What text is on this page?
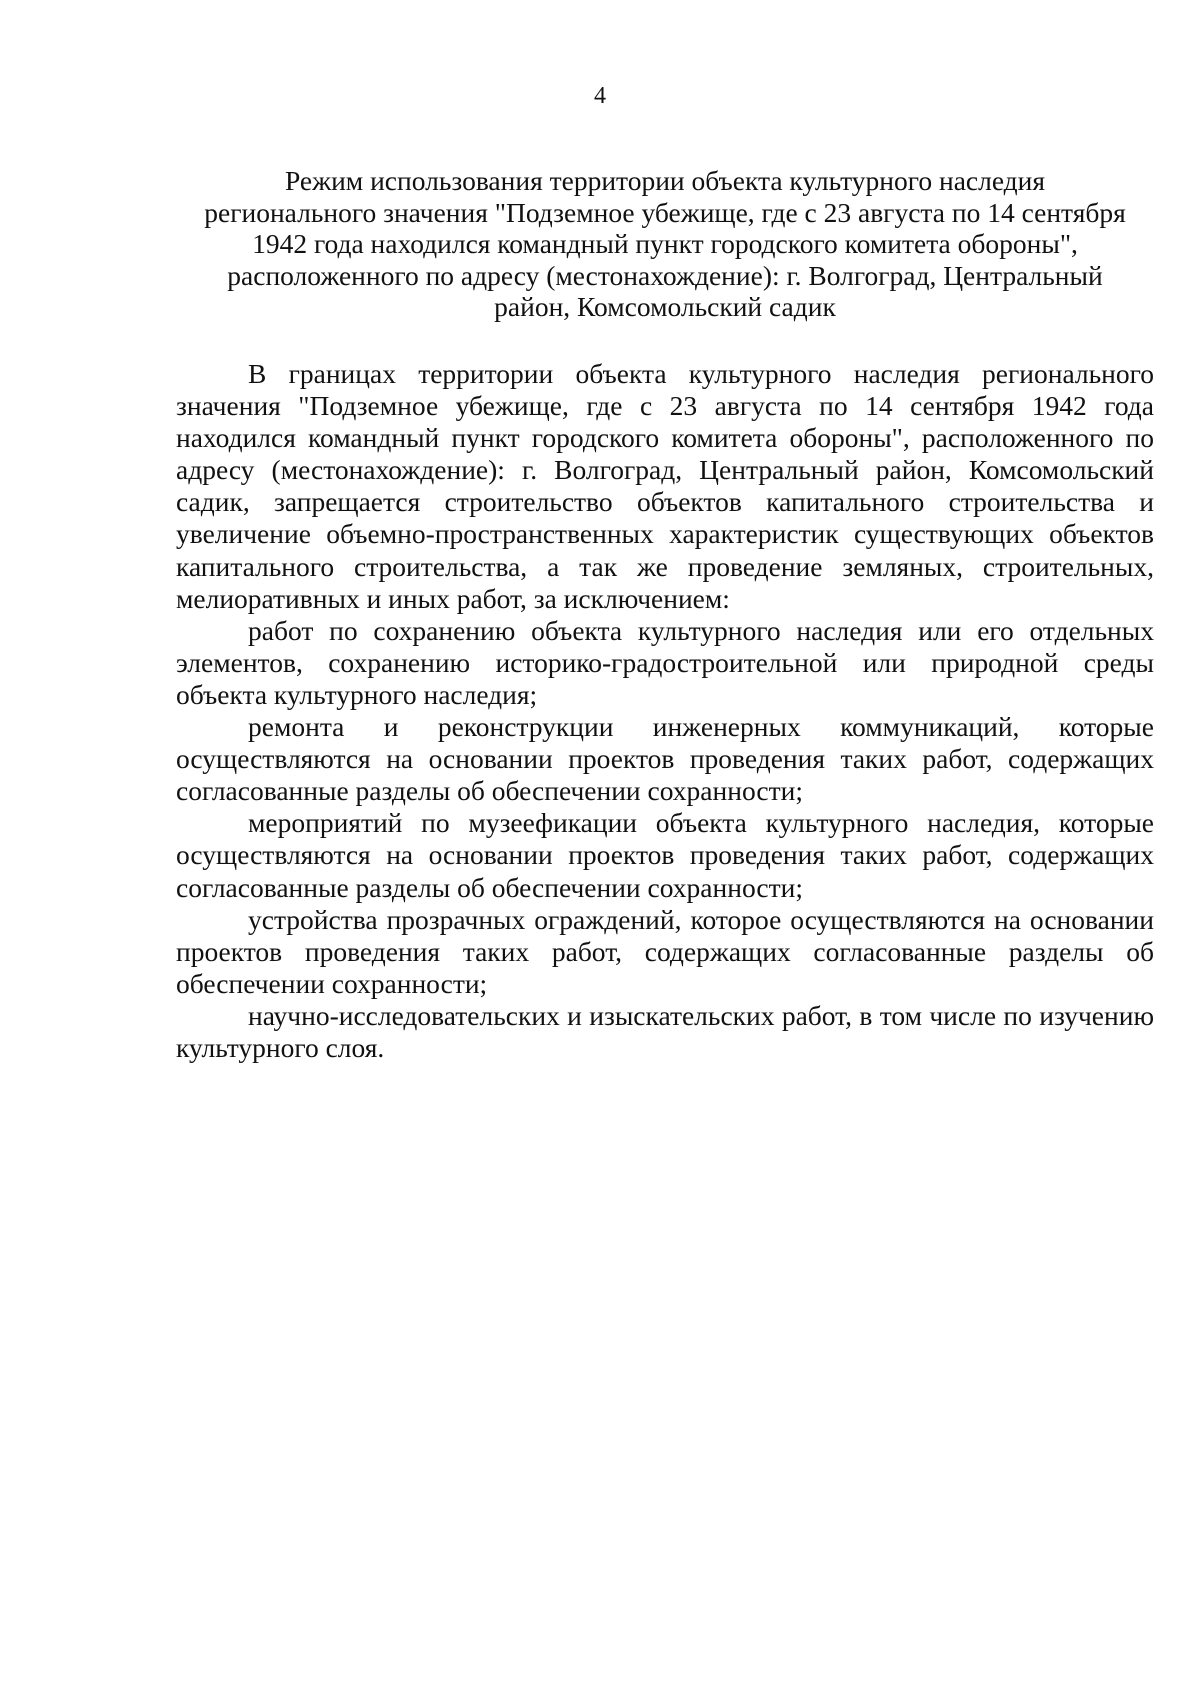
4
Режим использования территории объекта культурного наследия
регионального значения "Подземное убежище, где с 23 августа по 14 сентября
1942 года находился командный пункт городского комитета обороны",
расположенного по адресу (местонахождение): г. Волгоград, Центральный
район, Комсомольский садик

В границах территории объекта культурного наследия регионального значения "Подземное убежище, где с 23 августа по 14 сентября 1942 года находился командный пункт городского комитета обороны", расположенного по адресу (местонахождение): г. Волгоград, Центральный район, Комсомольский садик, запрещается строительство объектов капитального строительства и увеличение объемно-пространственных характеристик существующих объектов капитального строительства, а так же проведение земляных, строительных, мелиоративных и иных работ, за исключением:

работ по сохранению объекта культурного наследия или его отдельных элементов, сохранению историко-градостроительной или природной среды объекта культурного наследия;

ремонта и реконструкции инженерных коммуникаций, которые осуществляются на основании проектов проведения таких работ, содержащих согласованные разделы об обеспечении сохранности;

мероприятий по музеефикации объекта культурного наследия, которые осуществляются на основании проектов проведения таких работ, содержащих согласованные разделы об обеспечении сохранности;

устройства прозрачных ограждений, которое осуществляются на основании проектов проведения таких работ, содержащих согласованные разделы об обеспечении сохранности;

научно-исследовательских и изыскательских работ, в том числе по изучению культурного слоя.
